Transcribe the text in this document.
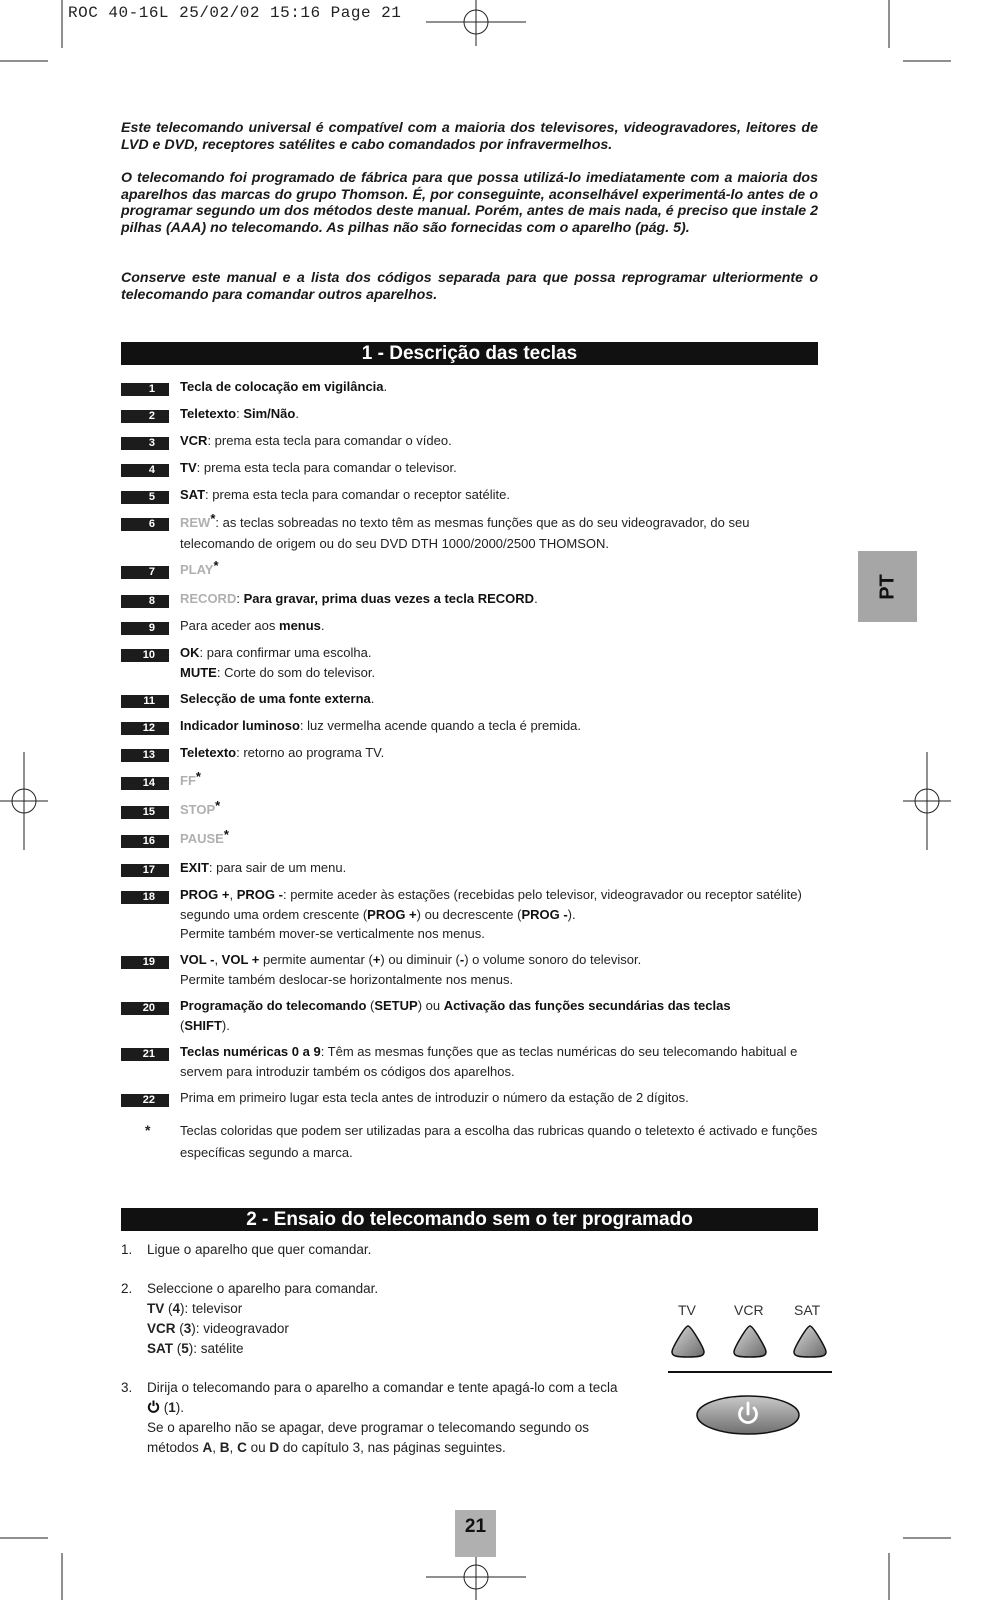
ROC 40-16L 25/02/02 15:16 Page 21

Este telecomando universal é compatível com a maioria dos televisores, videogravadores, leitores de LVD e DVD, receptores satélites e cabo comandados por infravermelhos.

O telecomando foi programado de fábrica para que possa utilizá-lo imediatamente com a maioria dos aparelhos das marcas do grupo Thomson. É, por conseguinte, aconselhável experimentá-lo antes de o programar segundo um dos métodos deste manual. Porém, antes de mais nada, é preciso que instale 2 pilhas (AAA) no telecomando. As pilhas não são fornecidas com o aparelho (pág. 5).

Conserve este manual e a lista dos códigos separada para que possa reprogramar ulteriormente o telecomando para comandar outros aparelhos.

1 - Descrição das teclas
1	Tecla de colocação em vigilância.
2	Teletexto: Sim/Não.
3	VCR: prema esta tecla para comandar o vídeo.
4	TV: prema esta tecla para comandar o televisor.
5	SAT: prema esta tecla para comandar o receptor satélite.
6	REW*: as teclas sobreadas no texto têm as mesmas funções que as do seu videogravador, do seu telecomando de origem ou do seu DVD DTH 1000/2000/2500 THOMSON.
7	PLAY*
8	RECORD: Para gravar, prima duas vezes a tecla RECORD.
9	Para aceder aos menus.
10	OK: para confirmar uma escolha.
MUTE: Corte do som do televisor.
11	Selecção de uma fonte externa.
12	Indicador luminoso: luz vermelha acende quando a tecla é premida.
13	Teletexto: retorno ao programa TV.
14	FF*
15	STOP*
16	PAUSE*
17	EXIT: para sair de um menu.
18	PROG +, PROG -: permite aceder às estações (recebidas pelo televisor, videogravador ou receptor satélite) segundo uma ordem crescente (PROG +) ou decrescente (PROG -).
Permite também mover-se verticalmente nos menus.
19	VOL -, VOL + permite aumentar (+) ou diminuir (-) o volume sonoro do televisor.
Permite também deslocar-se horizontalmente nos menus.
20	Programação do telecomando (SETUP) ou Activação das funções secundárias das teclas
(SHIFT).
21	Teclas numéricas 0 a 9: Têm as mesmas funções que as teclas numéricas do seu telecomando habitual e servem para introduzir também os códigos dos aparelhos.
22	Prima em primeiro lugar esta tecla antes de introduzir o número da estação de 2 dígitos.
* Teclas coloridas que podem ser utilizadas para a escolha das rubricas quando o teletexto é activado e funções específicas segundo a marca.
2 - Ensaio do telecomando sem o ter programado
1. Ligue o aparelho que quer comandar.
2. Seleccione o aparelho para comandar.
TV (4): televisor
VCR (3): videogravador
SAT (5): satélite
3. Dirija o telecomando para o aparelho a comandar e tente apagá-lo com a tecla
(1).
Se o aparelho não se apagar, deve programar o telecomando segundo os métodos A, B, C ou D do capítulo 3, nas páginas seguintes.
TV	VCR SAT
PT
21
